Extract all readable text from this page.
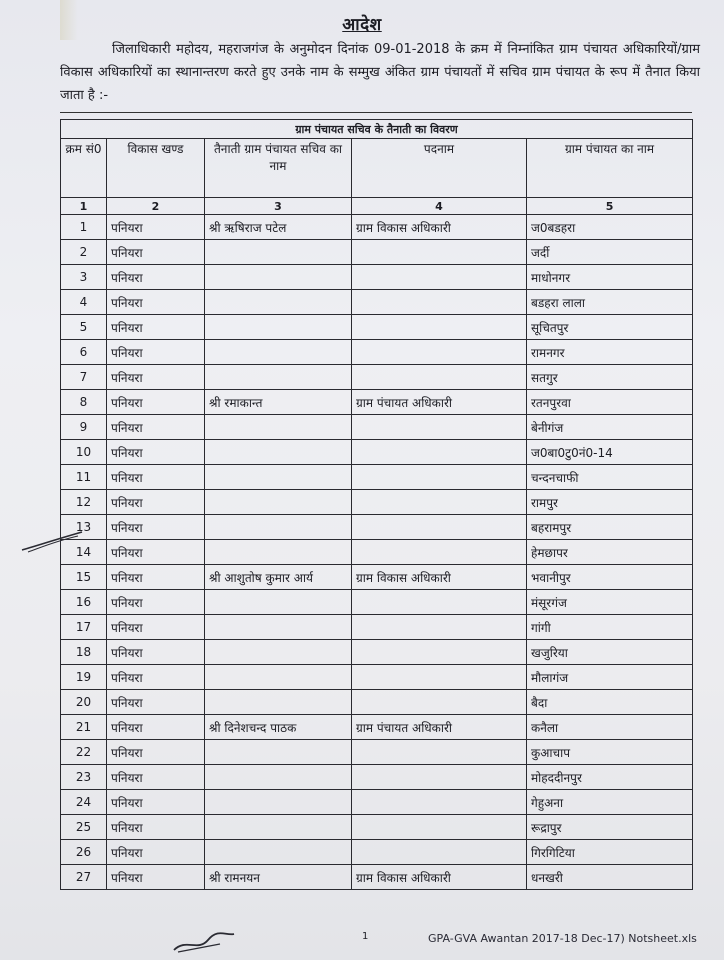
आदेश
जिलाधिकारी महोदय, महराजगंज के अनुमोदन दिनांक 09-01-2018 के क्रम में निम्नांकित ग्राम पंचायत अधिकारियों/ग्राम विकास अधिकारियों का स्थानान्तरण करते हुए उनके नाम के सम्मुख अंकित ग्राम पंचायतों में सचिव ग्राम पंचायत के रूप में तैनात किया जाता है :-
ग्राम पंचायत सचिव के तैनाती का विवरण				
क्रम सं0	विकास खण्ड	तैनाती ग्राम पंचायत सचिव का नाम	पदनाम	ग्राम पंचायत का नाम
1	2	3	4	5
1	पनियरा	श्री ऋषिराज पटेल	ग्राम विकास अधिकारी	ज0बडहरा
2	पनियरा			जर्दी
3	पनियरा			माधोनगर
4	पनियरा			बडहरा लाला
5	पनियरा			सूचितपुर
6	पनियरा			रामनगर
7	पनियरा			सतगुर
8	पनियरा	श्री रमाकान्त	ग्राम पंचायत अधिकारी	रतनपुरवा
9	पनियरा			बेनीगंज
10	पनियरा			ज0बा0टु0नं0-14
11	पनियरा			चन्दनचाफी
12	पनियरा			रामपुर
13	पनियरा			बहरामपुर
14	पनियरा			हेमछापर
15	पनियरा	श्री आशुतोष कुमार आर्य	ग्राम विकास अधिकारी	भवानीपुर
16	पनियरा			मंसूरगंज
17	पनियरा			गांगी
18	पनियरा			खजुरिया
19	पनियरा			मौलागंज
20	पनियरा			बैदा
21	पनियरा	श्री दिनेशचन्द पाठक	ग्राम पंचायत अधिकारी	कनैला
22	पनियरा			कुआचाप
23	पनियरा			मोहददीनपुर
24	पनियरा			गेहुअना
25	पनियरा			रूद्रापुर
26	पनियरा			गिरगिटिया
27	पनियरा	श्री रामनयन	ग्राम विकास अधिकारी	धनखरी
1	GPA-GVA Awantan 2017-18 Dec-17) Notsheet.xls
